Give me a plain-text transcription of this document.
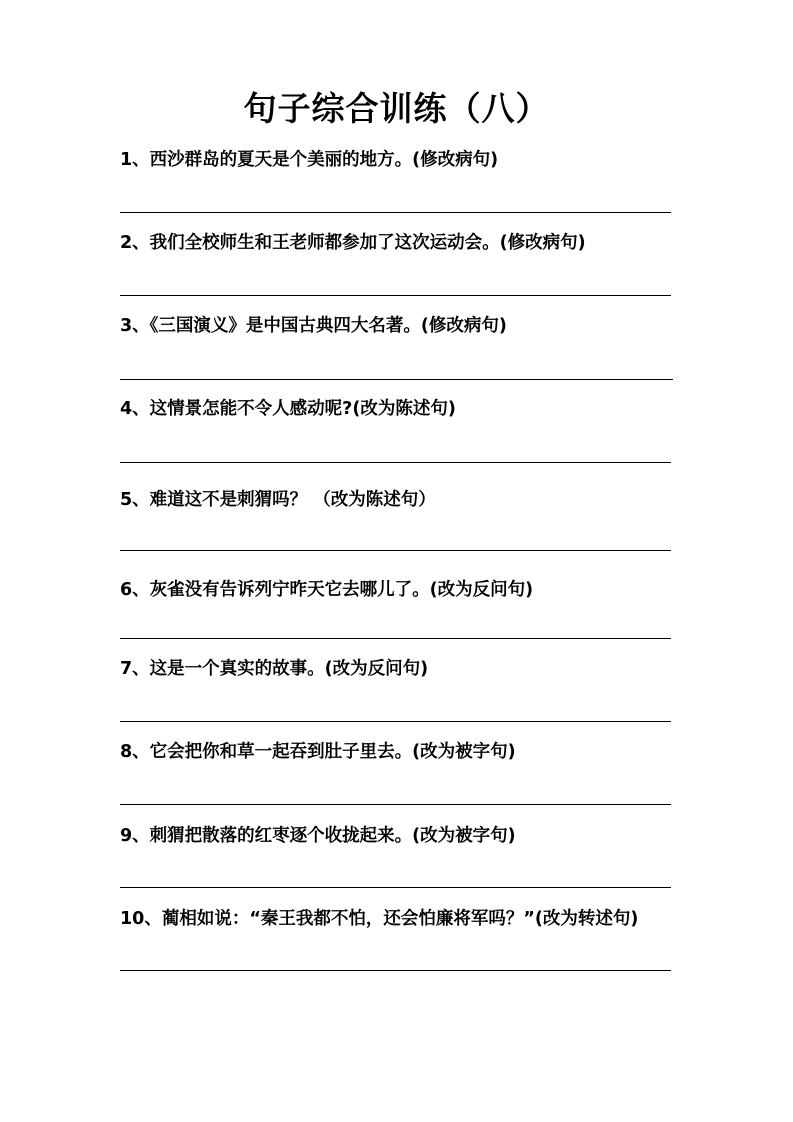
句子综合训练（八）
1、西沙群岛的夏天是个美丽的地方。(修改病句)
2、我们全校师生和王老师都参加了这次运动会。(修改病句)
3、《三国演义》是中国古典四大名著。(修改病句)
4、这情景怎能不令人感动呢?(改为陈述句)
5、难道这不是刺猬吗？ （改为陈述句）
6、灰雀没有告诉列宁昨天它去哪儿了。(改为反问句)
7、这是一个真实的故事。(改为反问句)
8、它会把你和草一起吞到肚子里去。(改为被字句)
9、刺猬把散落的红枣逐个收拢起来。(改为被字句)
10、蔺相如说：“秦王我都不怕，还会怕廉将军吗？”(改为转述句)
